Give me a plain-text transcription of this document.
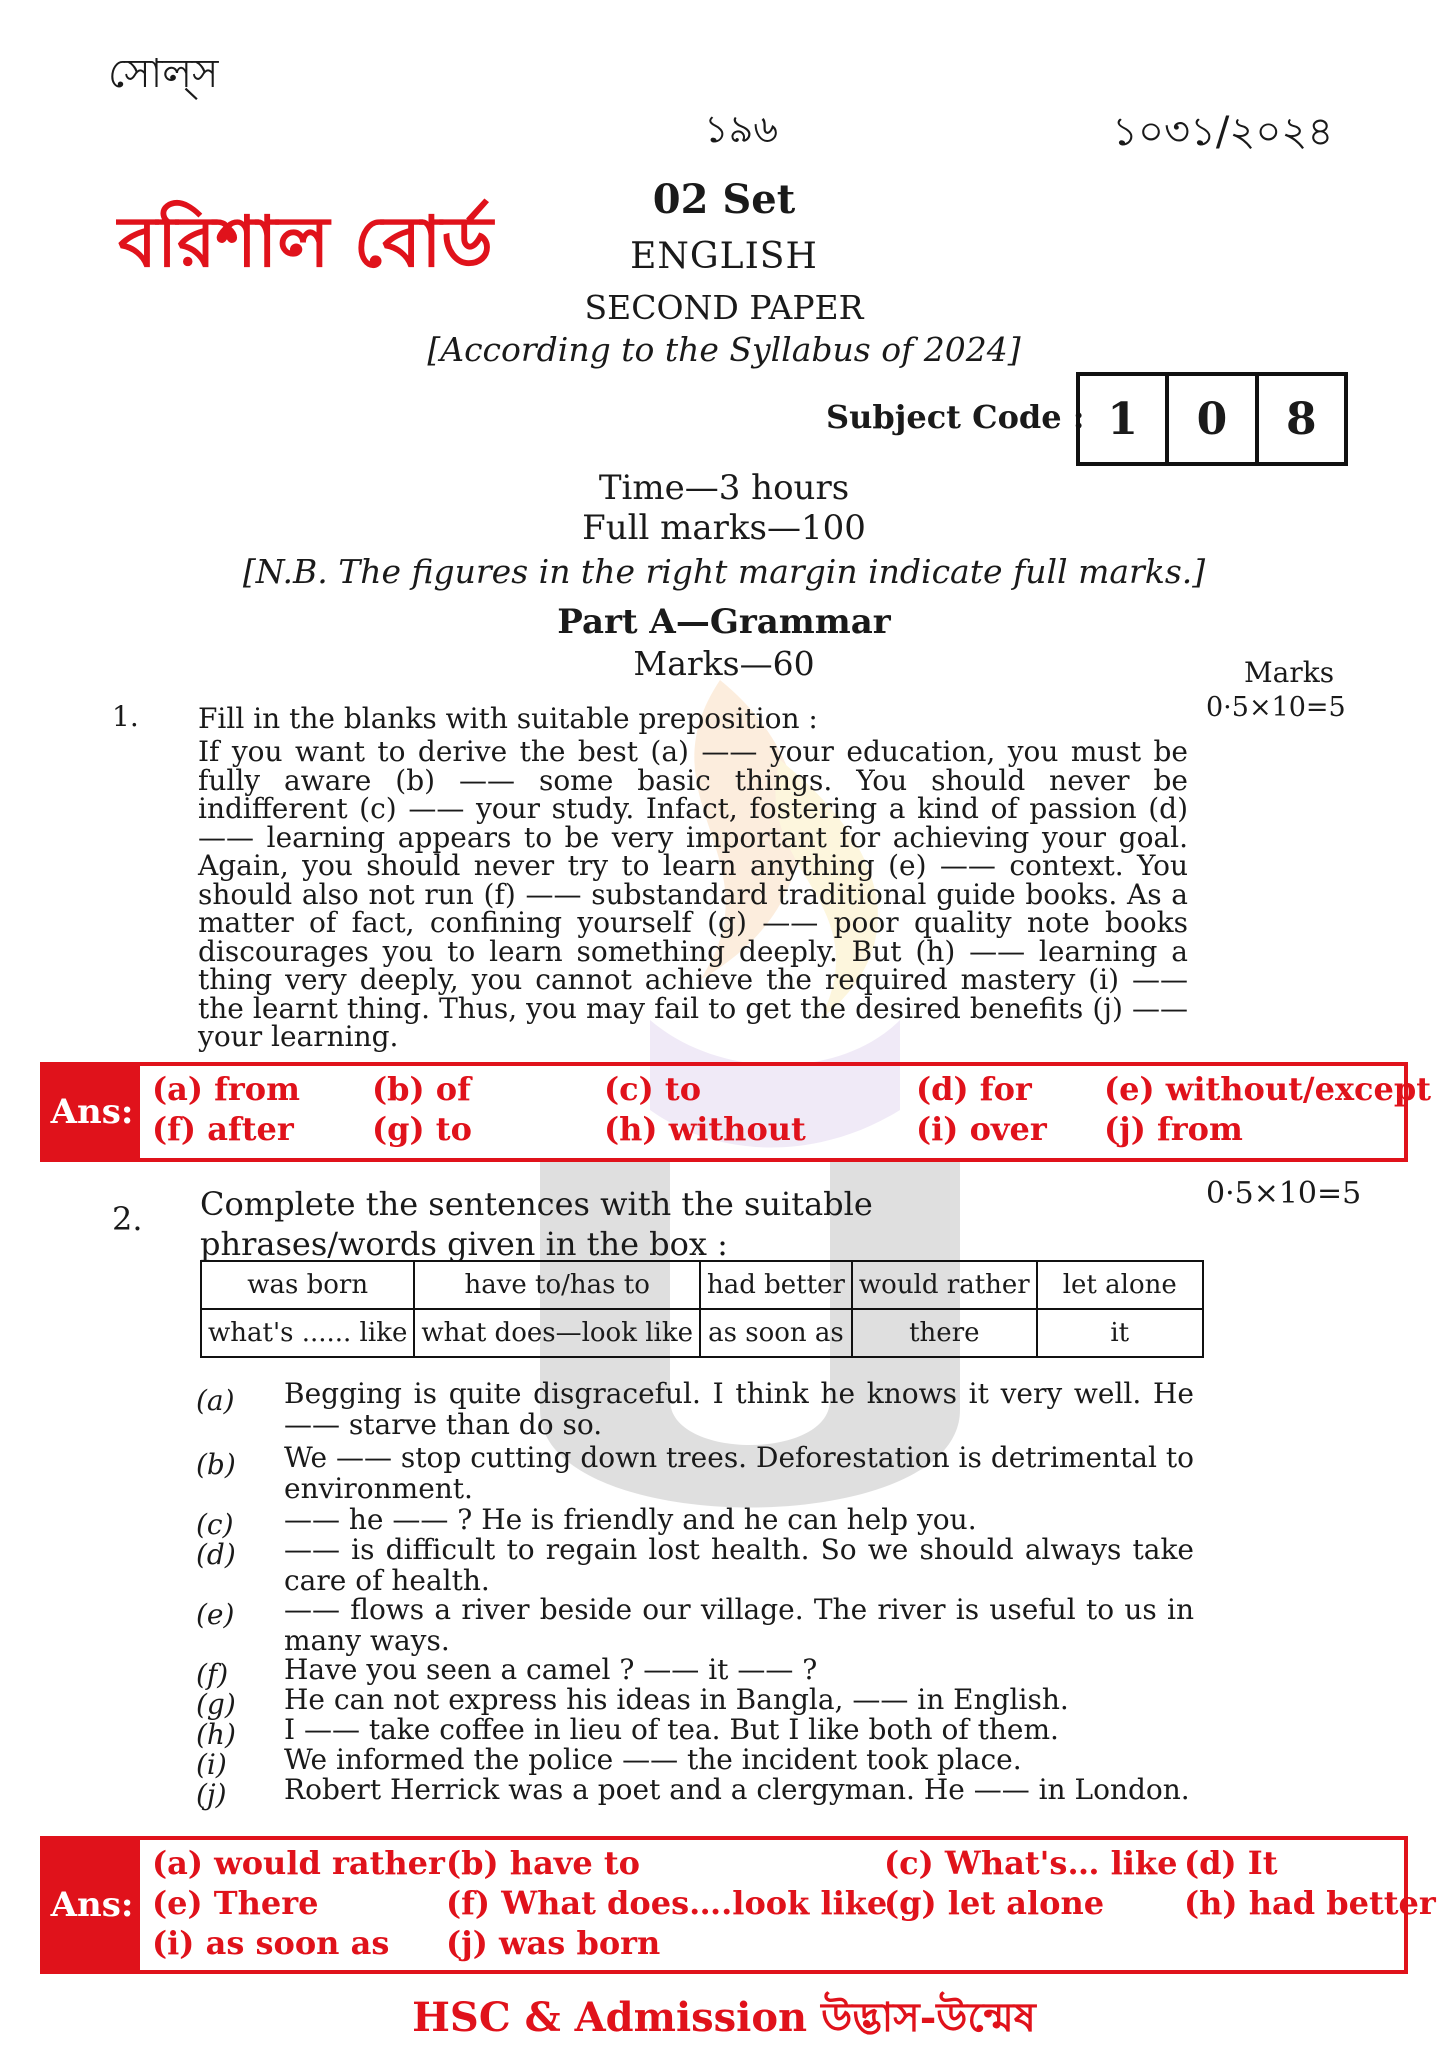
সোল্‌স
১৯৬	১০৩১/২০২৪
বরিশাল বোর্ড
02 Set
ENGLISH
SECOND PAPER
[According to the Syllabus of 2024]
Subject Code : 1	0	8
Time—3 hours
Full marks—100
[N.B. The figures in the right margin indicate full marks.]
Part A—Grammar
Marks—60	Marks
0·5×10=5
1. Fill in the blanks with suitable preposition :
If you want to derive the best (a) —— your education, you must be fully aware (b) —— some basic things. You should never be indifferent (c) —— your study. Infact, fostering a kind of passion (d) —— learning appears to be very important for achieving your goal. Again, you should never try to learn anything (e) —— context. You should also not run (f) —— substandard traditional guide books. As a matter of fact, confining yourself (g) —— poor quality note books discourages you to learn something deeply. But (h) —— learning a thing very deeply, you cannot achieve the required mastery (i) —— the learnt thing. Thus, you may fail to get the desired benefits (j) —— your learning.
Ans:
(a) from (b) of	(c) to	(d) for (e) without/except
(f) after (g) to	(h) without	(i) over (j) from
2. Complete the sentences with the suitable phrases/words given in the box :
0·5×10=5
was born	have to/has to	had better	would rather	let alone
what's ...... like	what does—look like	as soon as	there	it
(a) Begging is quite disgraceful. I think he knows it very well. He —— starve than do so.
(b) We —— stop cutting down trees. Deforestation is detrimental to environment.
(c) —— he —— ? He is friendly and he can help you.
(d) —— is difficult to regain lost health. So we should always take care of health.
(e) —— flows a river beside our village. The river is useful to us in many ways.
(f) Have you seen a camel ? —— it —— ?
(g) He can not express his ideas in Bangla, —— in English.
(h) I —— take coffee in lieu of tea. But I like both of them.
(i) We informed the police —— the incident took place.
(j) Robert Herrick was a poet and a clergyman. He —— in London.
Ans:
(a) would rather (b) have to	(c) What's… like (d) It
(e) There	(f) What does….look like
(g) let alone (h) had better
(i) as soon as (j) was born
HSC & Admission উদ্ভাস-উন্মেষ
